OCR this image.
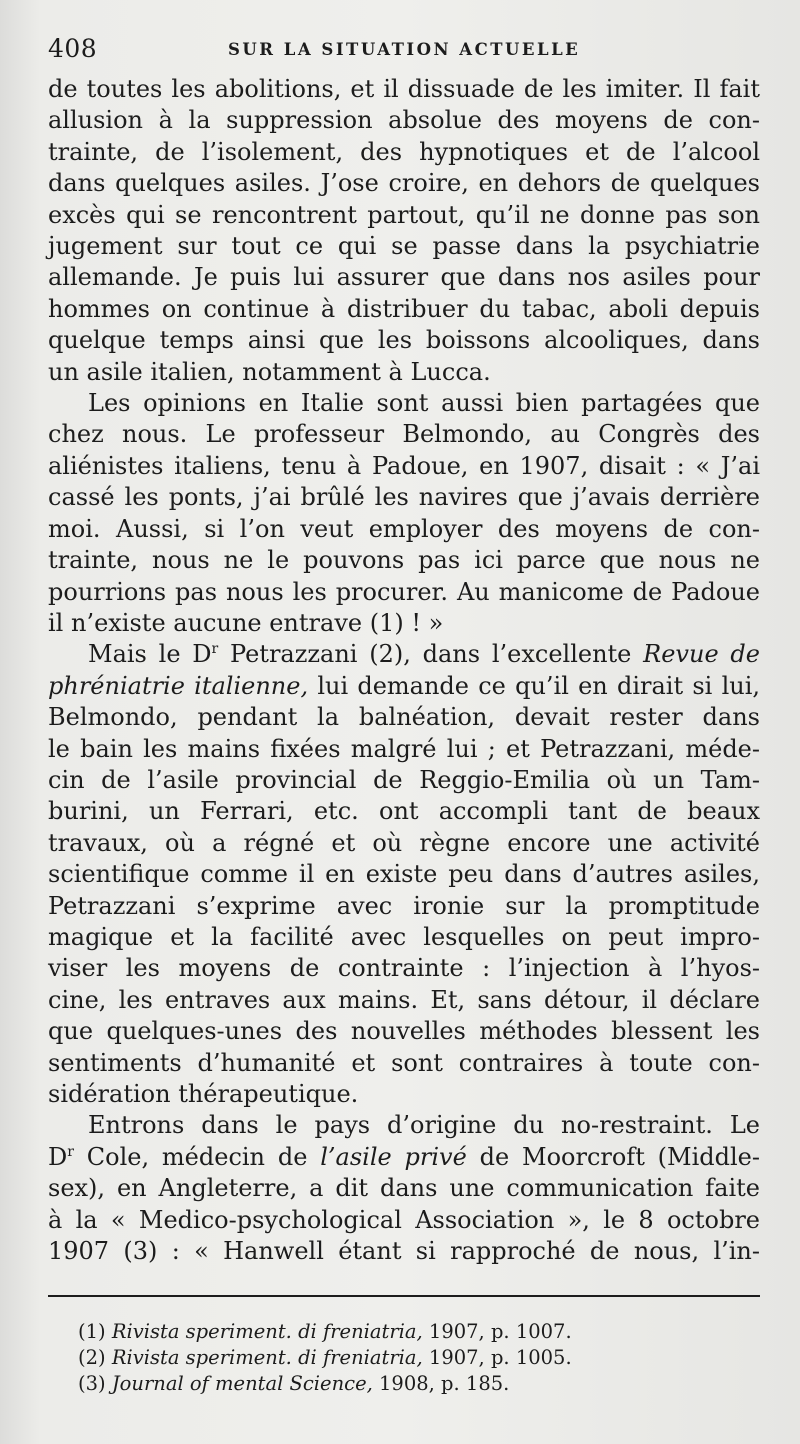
408	SUR LA SITUATION ACTUELLE
de toutes les abolitions, et il dissuade de les imiter. Il fait
allusion à la suppression absolue des moyens de con-
trainte, de l’isolement, des hypnotiques et de l’alcool
dans quelques asiles. J’ose croire, en dehors de quelques
excès qui se rencontrent partout, qu’il ne donne pas son
jugement sur tout ce qui se passe dans la psychiatrie
allemande. Je puis lui assurer que dans nos asiles pour
hommes on continue à distribuer du tabac, aboli depuis
quelque temps ainsi que les boissons alcooliques, dans
un asile italien, notamment à Lucca.
Les opinions en Italie sont aussi bien partagées que
chez nous. Le professeur Belmondo, au Congrès des
aliénistes italiens, tenu à Padoue, en 1907, disait : « J’ai
cassé les ponts, j’ai brûlé les navires que j’avais derrière
moi. Aussi, si l’on veut employer des moyens de con-
trainte, nous ne le pouvons pas ici parce que nous ne
pourrions pas nous les procurer. Au manicome de Padoue
il n’existe aucune entrave (1) ! »
Mais le $D^r$ Petrazzani (2), dans l’excellente Revue de
phréniatrie italienne, lui demande ce qu’il en dirait si lui,
Belmondo, pendant la balnéation, devait rester dans
le bain les mains fixées malgré lui ; et Petrazzani, méde-
cin de l’asile provincial de Reggio-Emilia où un Tam-
burini, un Ferrari, etc. ont accompli tant de beaux
travaux, où a régné et où règne encore une activité
scientifique comme il en existe peu dans d’autres asiles,
Petrazzani s’exprime avec ironie sur la promptitude
magique et la facilité avec lesquelles on peut impro-
viser les moyens de contrainte : l’injection à l’hyos-
cine, les entraves aux mains. Et, sans détour, il déclare
que quelques-unes des nouvelles méthodes blessent les
sentiments d’humanité et sont contraires à toute con-
sidération thérapeutique.
Entrons dans le pays d’origine du no-restraint. Le
$D^r$ Cole, médecin de l’asile privé de Moorcroft (Middle-
sex), en Angleterre, a dit dans une communication faite
à la « Medico-psychological Association », le 8 octobre
1907 (3) : « Hanwell étant si rapproché de nous, l’in-
(1) Rivista speriment. di freniatria, 1907, p. 1007.
(2) Rivista speriment. di freniatria, 1907, p. 1005.
(3) Journal of mental Science, 1908, p. 185.
